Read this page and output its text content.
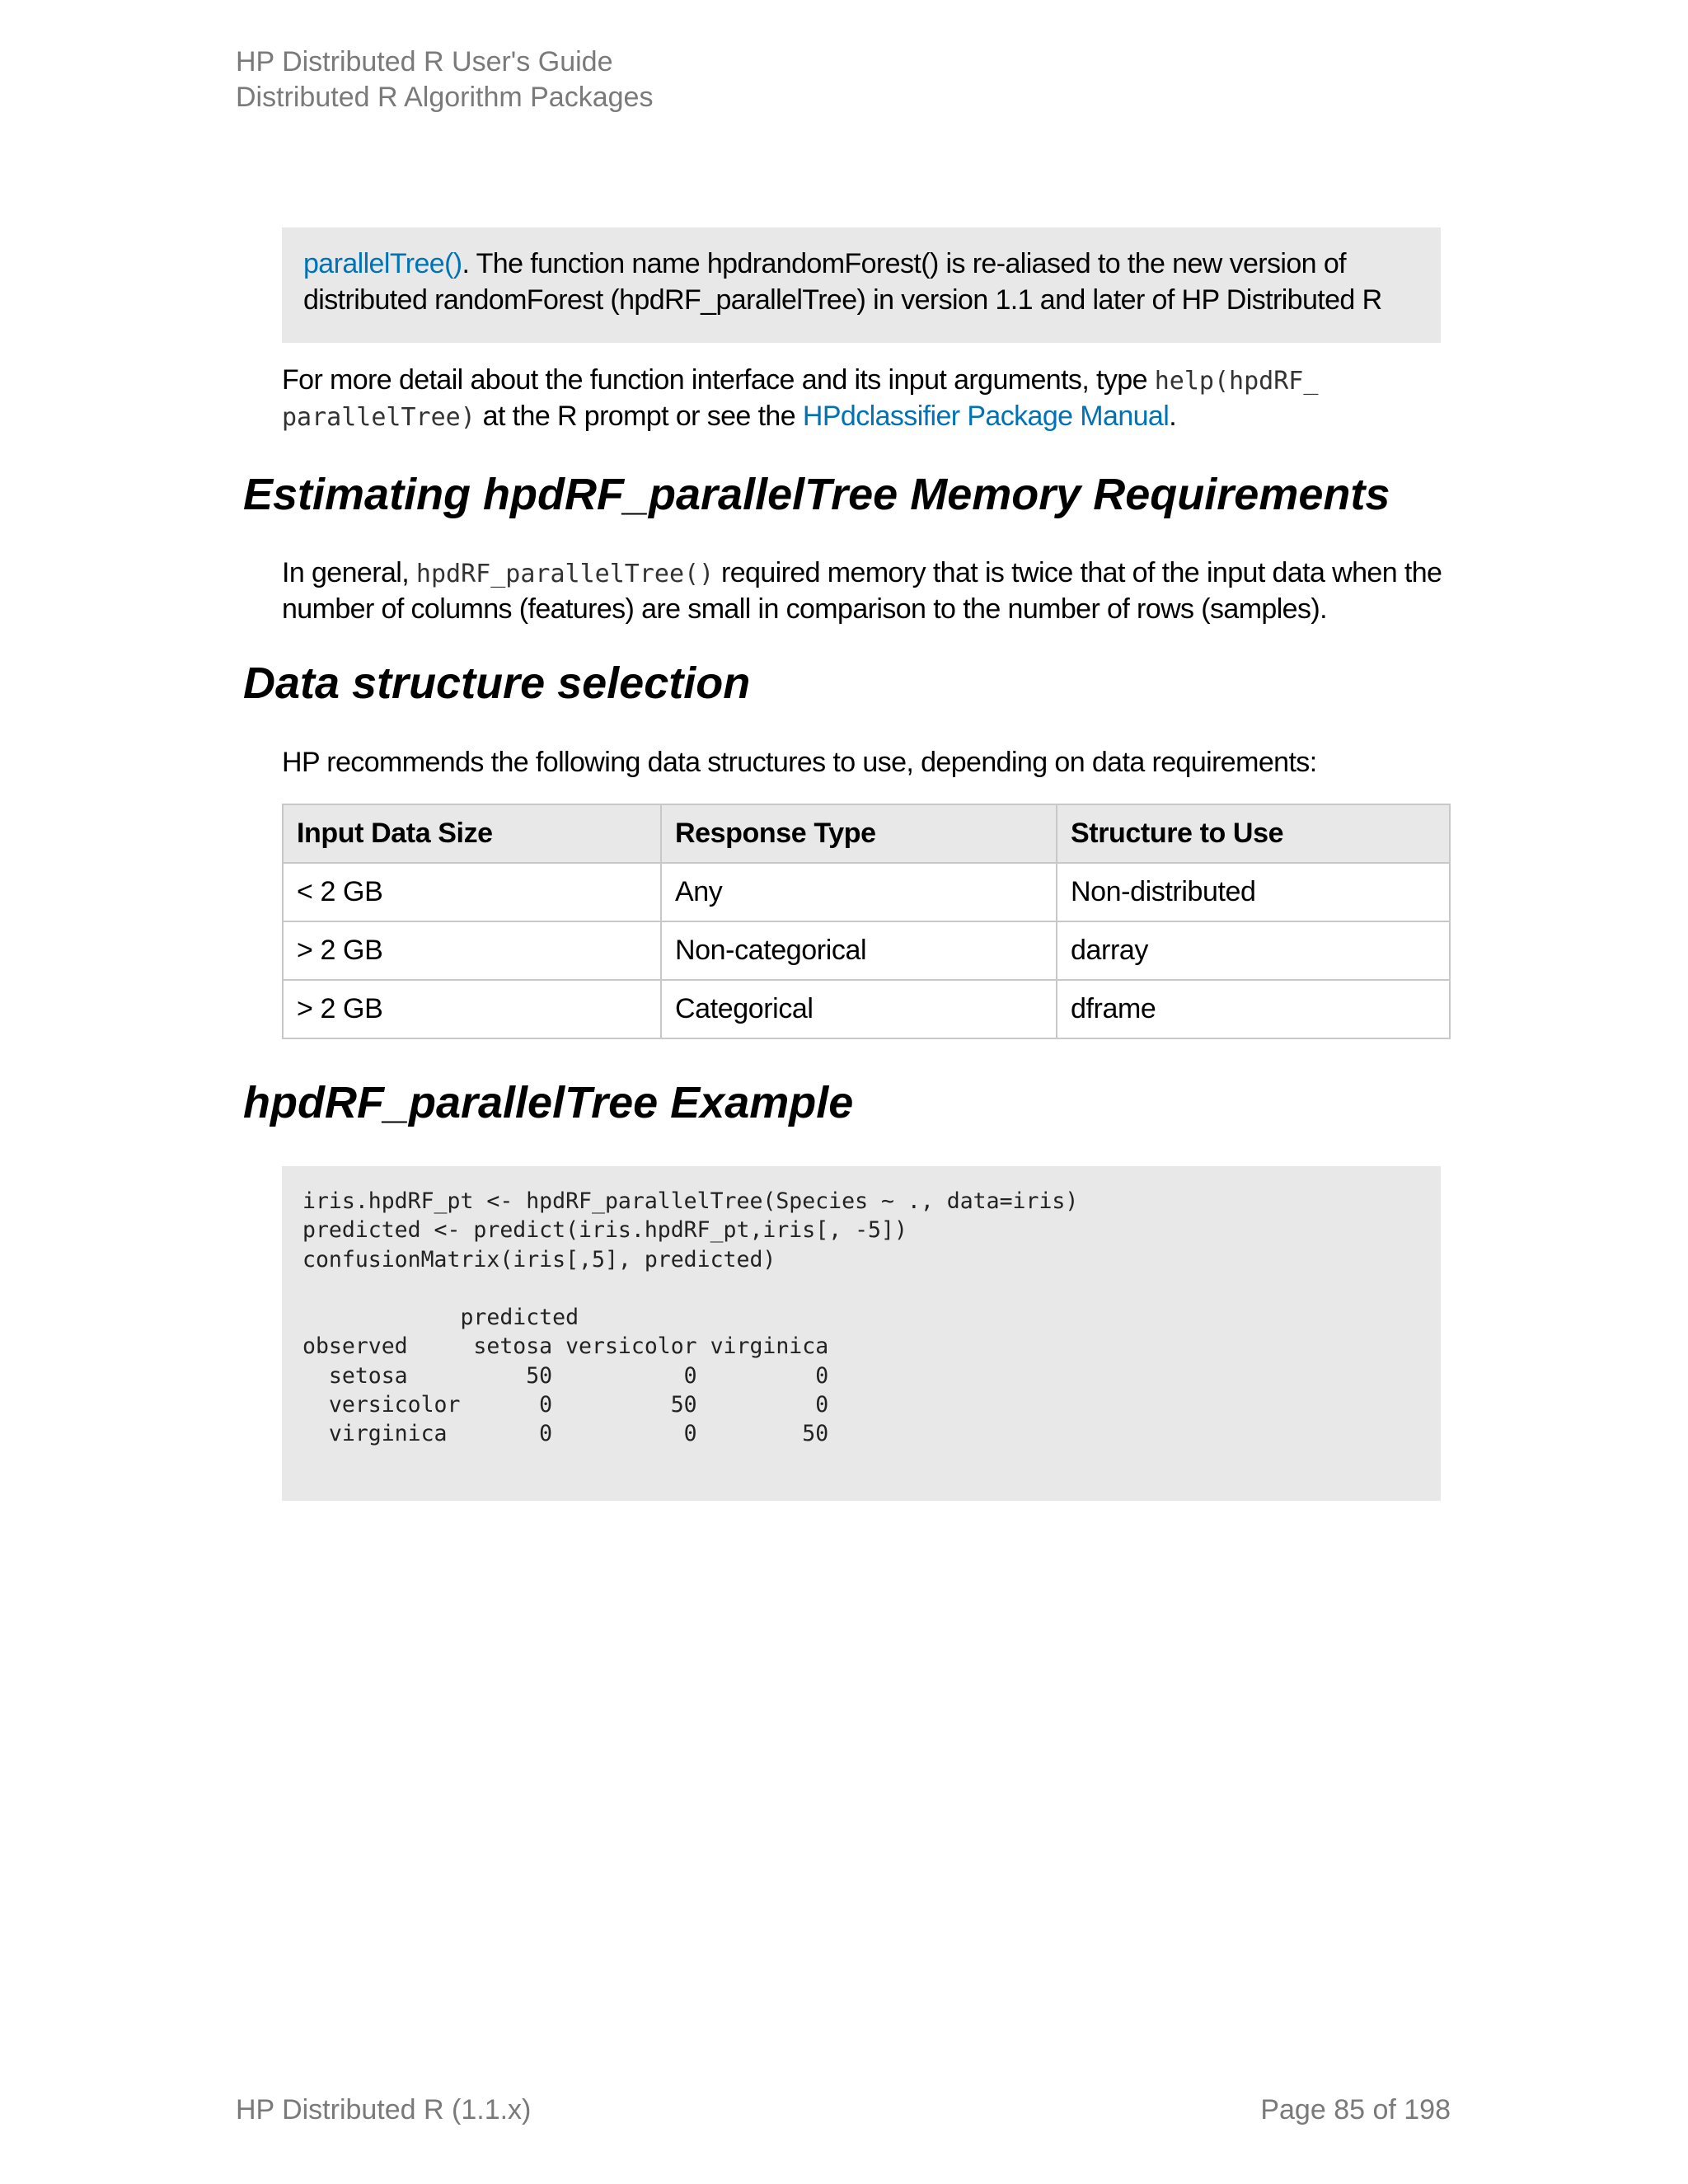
HP Distributed R User's Guide
Distributed R Algorithm Packages
parallelTree(). The function name hpdrandomForest() is re-aliased to the new version of
distributed randomForest (hpdRF_parallelTree) in version 1.1 and later of HP Distributed R
For more detail about the function interface and its input arguments, type help(hpdRF_
parallelTree) at the R prompt or see the HPdclassifier Package Manual.
Estimating hpdRF_parallelTree Memory Requirements
In general, hpdRF_parallelTree() required memory that is twice that of the input data when the
number of columns (features) are small in comparison to the number of rows (samples).
Data structure selection
HP recommends the following data structures to use, depending on data requirements:
Input Data Size	Response Type	Structure to Use
< 2 GB	Any	Non-distributed
> 2 GB	Non-categorical	darray
> 2 GB	Categorical	dframe
hpdRF_parallelTree Example
iris.hpdRF_pt <- hpdRF_parallelTree(Species ~ ., data=iris)
predicted <- predict(iris.hpdRF_pt,iris[, -5])
confusionMatrix(iris[,5], predicted)

predicted
observed     setosa versicolor virginica
setosa         50          0         0
versicolor      0         50         0
virginica       0          0        50
HP Distributed R (1.1.x)	Page 85 of 198
